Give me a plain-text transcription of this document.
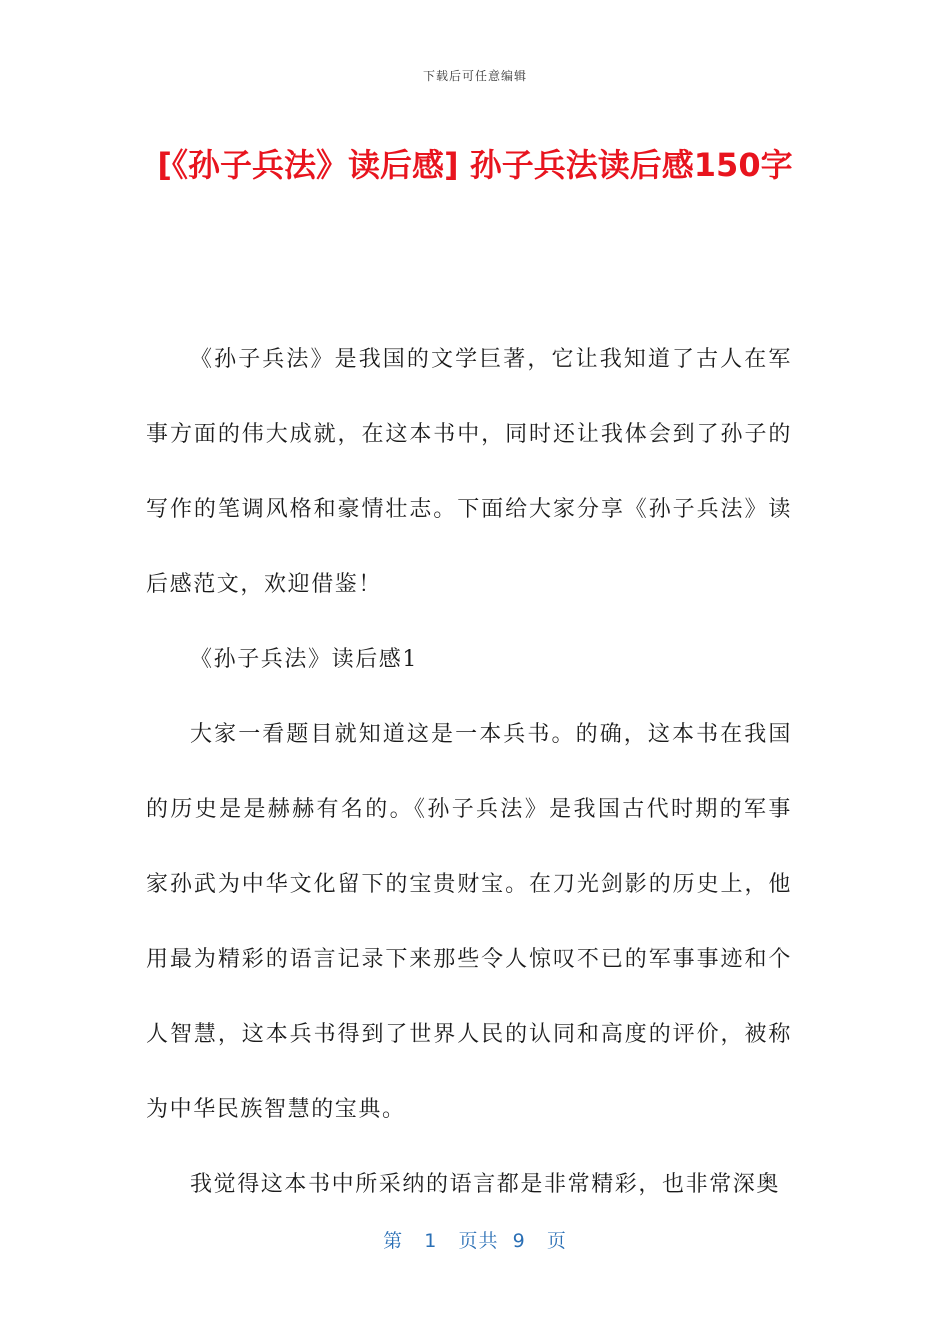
下载后可任意编辑
[《孙子兵法》读后感] 孙子兵法读后感150字

《孙子兵法》是我国的文学巨著，它让我知道了古人在军事方面的伟大成就，在这本书中，同时还让我体会到了孙子的写作的笔调风格和豪情壮志。下面给大家分享《孙子兵法》读后感范文，欢迎借鉴！

《孙子兵法》读后感1

大家一看题目就知道这是一本兵书。的确，这本书在我国的历史是是赫赫有名的。《孙子兵法》是我国古代时期的军事家孙武为中华文化留下的宝贵财宝。在刀光剑影的历史上，他用最为精彩的语言记录下来那些令人惊叹不已的军事事迹和个人智慧，这本兵书得到了世界人民的认同和高度的评价，被称为中华民族智慧的宝典。

我觉得这本书中所采纳的语言都是非常精彩，也非常深奥

第 1 页共 9 页
